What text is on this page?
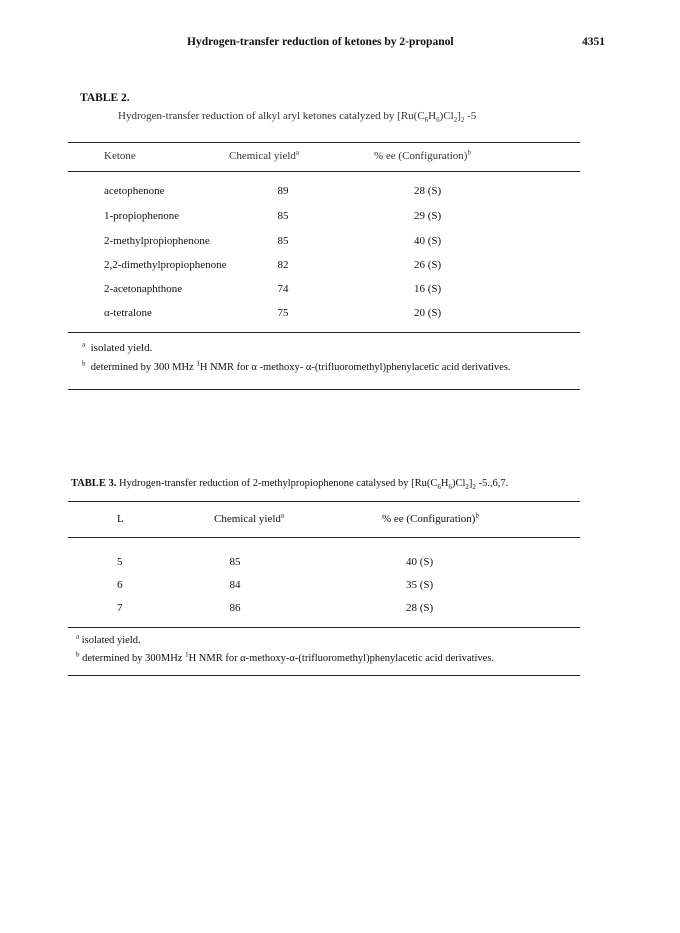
Hydrogen-transfer reduction of ketones by 2-propanol	4351
TABLE 2.
Hydrogen-transfer reduction of alkyl aryl ketones catalyzed by $[Ru(C_6H_6)Cl_2]_2$ -5
Ketone	Chemical yield$^a$	% ee (Configuration)$^b$
acetophenone	89	28 (S)
1-propiophenone	85	29 (S)
2-methylpropiophenone	85	40 (S)
2,2-dimethylpropiophenone	82	26 (S)
2-acetonaphthone	74	16 (S)
α-tetralone	75	20 (S)
$^a$ isolated yield.
$^b$ determined by 300 MHz $^1$H NMR for α -methoxy- α-(trifluoromethyl)phenylacetic acid derivatives.
TABLE 3. Hydrogen-transfer reduction of 2-methylpropiophenone catalysed by $[Ru(C_6H_6)Cl_2]_2$ -5.,6,7.
L	Chemical yield$^a$	% ee (Configuration)$^b$
5	85	40 (S)
6	84	35 (S)
7	86	28 (S)
$^a$ isolated yield.
$^b$ determined by 300MHz $^1$H NMR for α-methoxy-α-(trifluoromethyl)phenylacetic acid derivatives.
